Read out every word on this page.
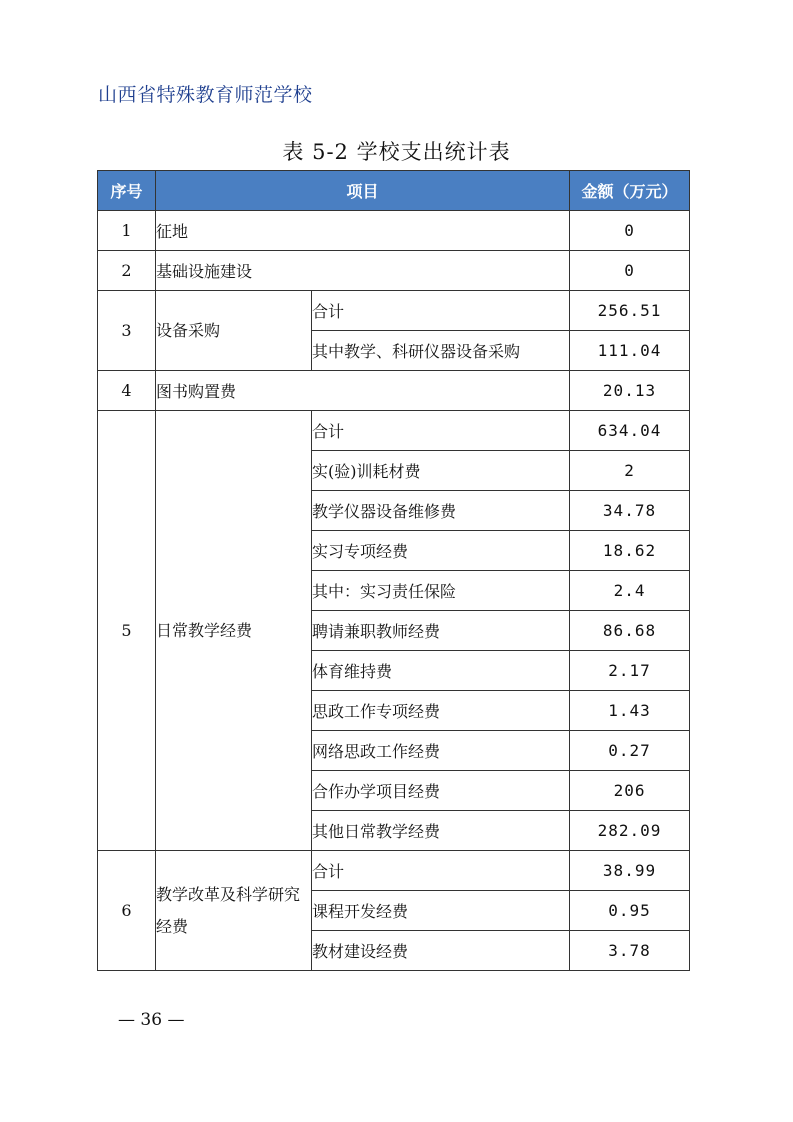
山西省特殊教育师范学校
表 5-2 学校支出统计表
序号	项目		金额（万元）
1	征地		0
2	基础设施建设		0
3	设备采购	合计	256.51
		其中教学、科研仪器设备采购	111.04
4	图书购置费		20.13
5	日常教学经费	合计	634.04
		实(验)训耗材费	2
		教学仪器设备维修费	34.78
		实习专项经费	18.62
		其中：实习责任保险	2.4
		聘请兼职教师经费	86.68
		体育维持费	2.17
		思政工作专项经费	1.43
		网络思政工作经费	0.27
		合作办学项目经费	206
		其他日常教学经费	282.09
6	教学改革及科学研究经费	合计	38.99
		课程开发经费	0.95
		教材建设经费	3.78
— 36 —
